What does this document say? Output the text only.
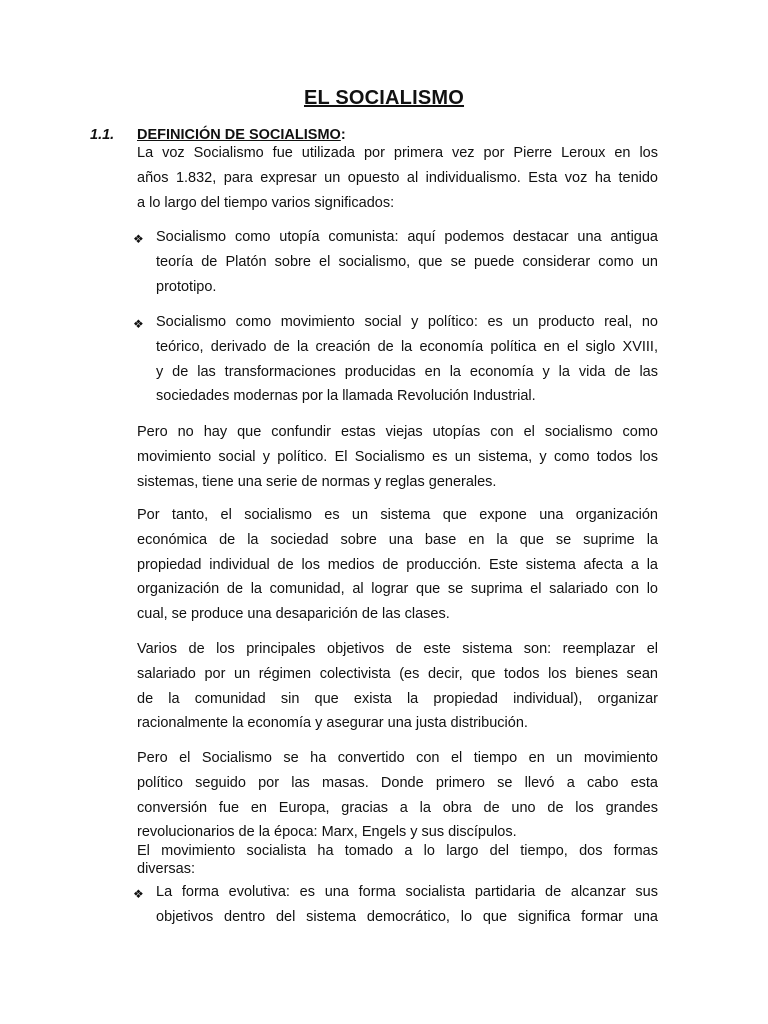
EL SOCIALISMO
1.1. DEFINICIÓN DE SOCIALISMO:
La voz Socialismo fue utilizada por primera vez por Pierre Leroux en los
años 1.832, para expresar un opuesto al individualismo. Esta voz ha tenido
a lo largo del tiempo varios significados:
❖ Socialismo como utopía comunista: aquí podemos destacar una antigua
teoría de Platón sobre el socialismo, que se puede considerar como un
prototipo.
❖ Socialismo como movimiento social y político: es un producto real, no
teórico, derivado de la creación de la economía política en el siglo XVIII,
y de las transformaciones producidas en la economía y la vida de las
sociedades modernas por la llamada Revolución Industrial.
Pero no hay que confundir estas viejas utopías con el socialismo como
movimiento social y político. El Socialismo es un sistema, y como todos los
sistemas, tiene una serie de normas y reglas generales.
Por tanto, el socialismo es un sistema que expone una organización
económica de la sociedad sobre una base en la que se suprime la
propiedad individual de los medios de producción. Este sistema afecta a la
organización de la comunidad, al lograr que se suprima el salariado con lo
cual, se produce una desaparición de las clases.
Varios de los principales objetivos de este sistema son: reemplazar el
salariado por un régimen colectivista (es decir, que todos los bienes sean
de la comunidad sin que exista la propiedad individual), organizar
racionalmente la economía y asegurar una justa distribución.
Pero el Socialismo se ha convertido con el tiempo en un movimiento
político seguido por las masas. Donde primero se llevó a cabo esta
conversión fue en Europa, gracias a la obra de uno de los grandes
revolucionarios de la época: Marx, Engels y sus discípulos.
El movimiento socialista ha tomado a lo largo del tiempo, dos formas
diversas:
❖ La forma evolutiva: es una forma socialista partidaria de alcanzar sus
objetivos dentro del sistema democrático, lo que significa formar una
